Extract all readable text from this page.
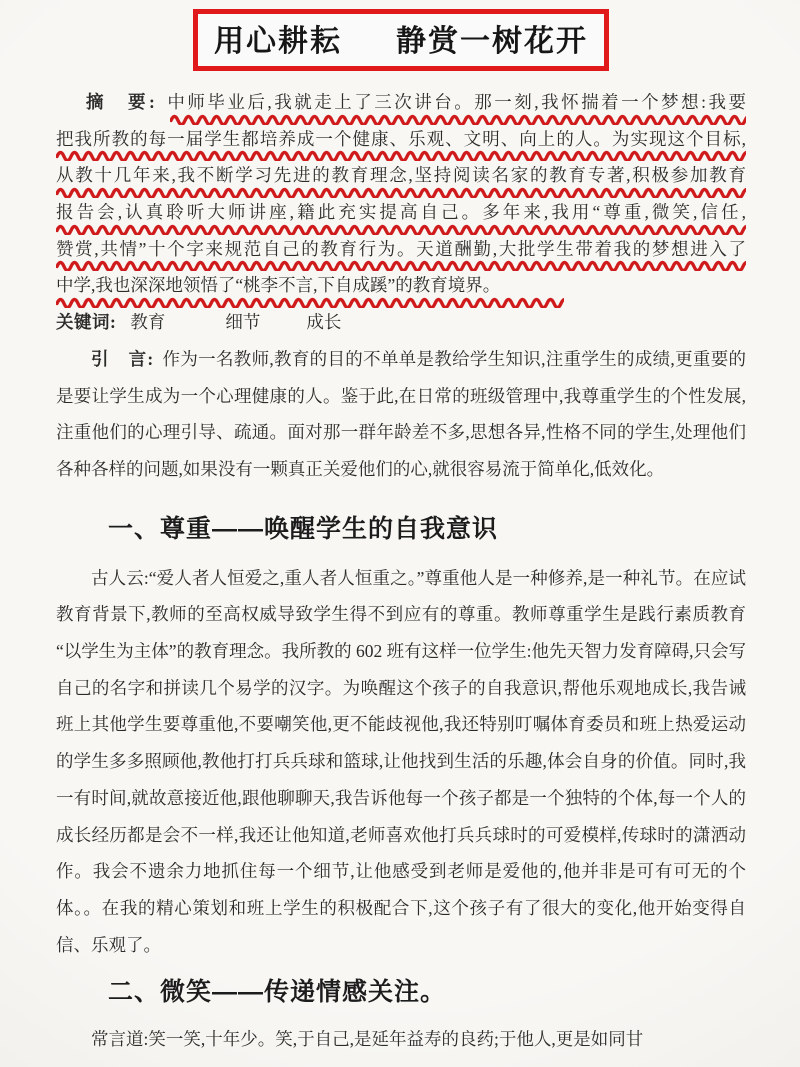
用心耕耘 静赏一树花开
摘　要: 中师毕业后,我就走上了三次讲台。那一刻,我怀揣着一个梦想:我要
把我所教的每一届学生都培养成一个健康、乐观、文明、向上的人。为实现这个目标,
从教十几年来,我不断学习先进的教育理念,坚持阅读名家的教育专著,积极参加教育
报告会,认真聆听大师讲座,籍此充实提高自己。多年来,我用“尊重,微笑,信任,
赞赏,共情”十个字来规范自己的教育行为。天道酬勤,大批学生带着我的梦想进入了
中学,我也深深地领悟了“桃李不言,下自成蹊”的教育境界。

关键词: 教育	细节	成长

引　言: 作为一名教师,教育的目的不单单是教给学生知识,注重学生的成绩,更重要的是要让学生成为一个心理健康的人。鉴于此,在日常的班级管理中,我尊重学生的个性发展,注重他们的心理引导、疏通。面对那一群年龄差不多,思想各异,性格不同的学生,处理他们各种各样的问题,如果没有一颗真正关爱他们的心,就很容易流于简单化,低效化。

一、尊重——唤醒学生的自我意识

古人云:“爱人者人恒爱之,重人者人恒重之。”尊重他人是一种修养,是一种礼节。在应试教育背景下,教师的至高权威导致学生得不到应有的尊重。教师尊重学生是践行素质教育“以学生为主体”的教育理念。我所教的 602 班有这样一位学生:他先天智力发育障碍,只会写自己的名字和拼读几个易学的汉字。为唤醒这个孩子的自我意识,帮他乐观地成长,我告诫班上其他学生要尊重他,不要嘲笑他,更不能歧视他,我还特别叮嘱体育委员和班上热爱运动的学生多多照顾他,教他打打兵兵球和篮球,让他找到生活的乐趣,体会自身的价值。同时,我一有时间,就故意接近他,跟他聊聊天,我告诉他每一个孩子都是一个独特的个体,每一个人的成长经历都是会不一样,我还让他知道,老师喜欢他打兵兵球时的可爱模样,传球时的潇洒动作。我会不遗余力地抓住每一个细节,让他感受到老师是爱他的,他并非是可有可无的个体。。在我的精心策划和班上学生的积极配合下,这个孩子有了很大的变化,他开始变得自信、乐观了。

二、微笑——传递情感关注。

常言道:笑一笑,十年少。笑,于自己,是延年益寿的良药;于他人,更是如同甘
